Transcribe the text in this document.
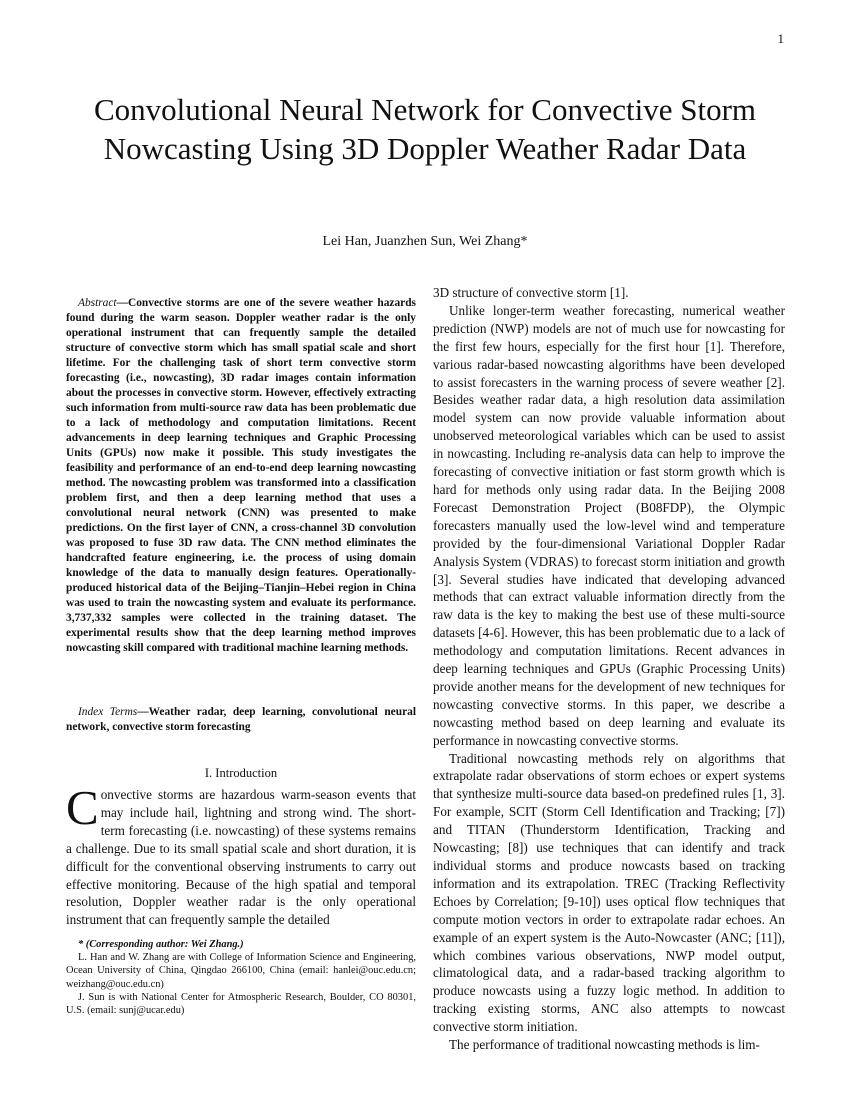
1
Convolutional Neural Network for Convective Storm Nowcasting Using 3D Doppler Weather Radar Data
Lei Han, Juanzhen Sun, Wei Zhang*

Abstract—Convective storms are one of the severe weather hazards found during the warm season. Doppler weather radar is the only operational instrument that can frequently sample the detailed structure of convective storm which has small spatial scale and short lifetime. For the challenging task of short term convective storm forecasting (i.e., nowcasting), 3D radar images contain information about the processes in convective storm. However, effectively extracting such information from multi-source raw data has been problematic due to a lack of methodology and computation limitations. Recent advancements in deep learning techniques and Graphic Processing Units (GPUs) now make it possible. This study investigates the feasibility and performance of an end-to-end deep learning nowcasting method. The nowcasting problem was transformed into a classification problem first, and then a deep learning method that uses a convolutional neural network (CNN) was presented to make predictions. On the first layer of CNN, a cross-channel 3D convolution was proposed to fuse 3D raw data. The CNN method eliminates the handcrafted feature engineering, i.e. the process of using domain knowledge of the data to manually design features. Operationally-produced historical data of the Beijing–Tianjin–Hebei region in China was used to train the nowcasting system and evaluate its performance. 3,737,332 samples were collected in the training dataset. The experimental results show that the deep learning method improves nowcasting skill compared with traditional machine learning methods.

Index Terms—Weather radar, deep learning, convolutional neural network, convective storm forecasting

I. Introduction

Convective storms are hazardous warm-season events that may include hail, lightning and strong wind. The short-term forecasting (i.e. nowcasting) of these systems remains a challenge. Due to its small spatial scale and short duration, it is difficult for the conventional observing instruments to carry out effective monitoring. Because of the high spatial and temporal resolution, Doppler weather radar is the only operational instrument that can frequently sample the detailed

* (Corresponding author: Wei Zhang.)

L. Han and W. Zhang are with College of Information Science and Engineering, Ocean University of China, Qingdao 266100, China (email: hanlei@ouc.edu.cn; weizhang@ouc.edu.cn)

J. Sun is with National Center for Atmospheric Research, Boulder, CO 80301, U.S. (email: sunj@ucar.edu)

3D structure of convective storm [1].

Unlike longer-term weather forecasting, numerical weather prediction (NWP) models are not of much use for nowcasting for the first few hours, especially for the first hour [1]. Therefore, various radar-based nowcasting algorithms have been developed to assist forecasters in the warning process of severe weather [2]. Besides weather radar data, a high resolution data assimilation model system can now provide valuable information about unobserved meteorological variables which can be used to assist in nowcasting. Including re-analysis data can help to improve the forecasting of convective initiation or fast storm growth which is hard for methods only using radar data. In the Beijing 2008 Forecast Demonstration Project (B08FDP), the Olympic forecasters manually used the low-level wind and temperature provided by the four-dimensional Variational Doppler Radar Analysis System (VDRAS) to forecast storm initiation and growth [3]. Several studies have indicated that developing advanced methods that can extract valuable information directly from the raw data is the key to making the best use of these multi-source datasets [4-6]. However, this has been problematic due to a lack of methodology and computation limitations. Recent advances in deep learning techniques and GPUs (Graphic Processing Units) provide another means for the development of new techniques for nowcasting convective storms. In this paper, we describe a nowcasting method based on deep learning and evaluate its performance in nowcasting convective storms.

Traditional nowcasting methods rely on algorithms that extrapolate radar observations of storm echoes or expert systems that synthesize multi-source data based-on predefined rules [1, 3]. For example, SCIT (Storm Cell Identification and Tracking; [7]) and TITAN (Thunderstorm Identification, Tracking and Nowcasting; [8]) use techniques that can identify and track individual storms and produce nowcasts based on tracking information and its extrapolation. TREC (Tracking Reflectivity Echoes by Correlation; [9-10]) uses optical flow techniques that compute motion vectors in order to extrapolate radar echoes. An example of an expert system is the Auto-Nowcaster (ANC; [11]), which combines various observations, NWP model output, climatological data, and a radar-based tracking algorithm to produce nowcasts using a fuzzy logic method. In addition to tracking existing storms, ANC also attempts to nowcast convective storm initiation.

The performance of traditional nowcasting methods is lim-
